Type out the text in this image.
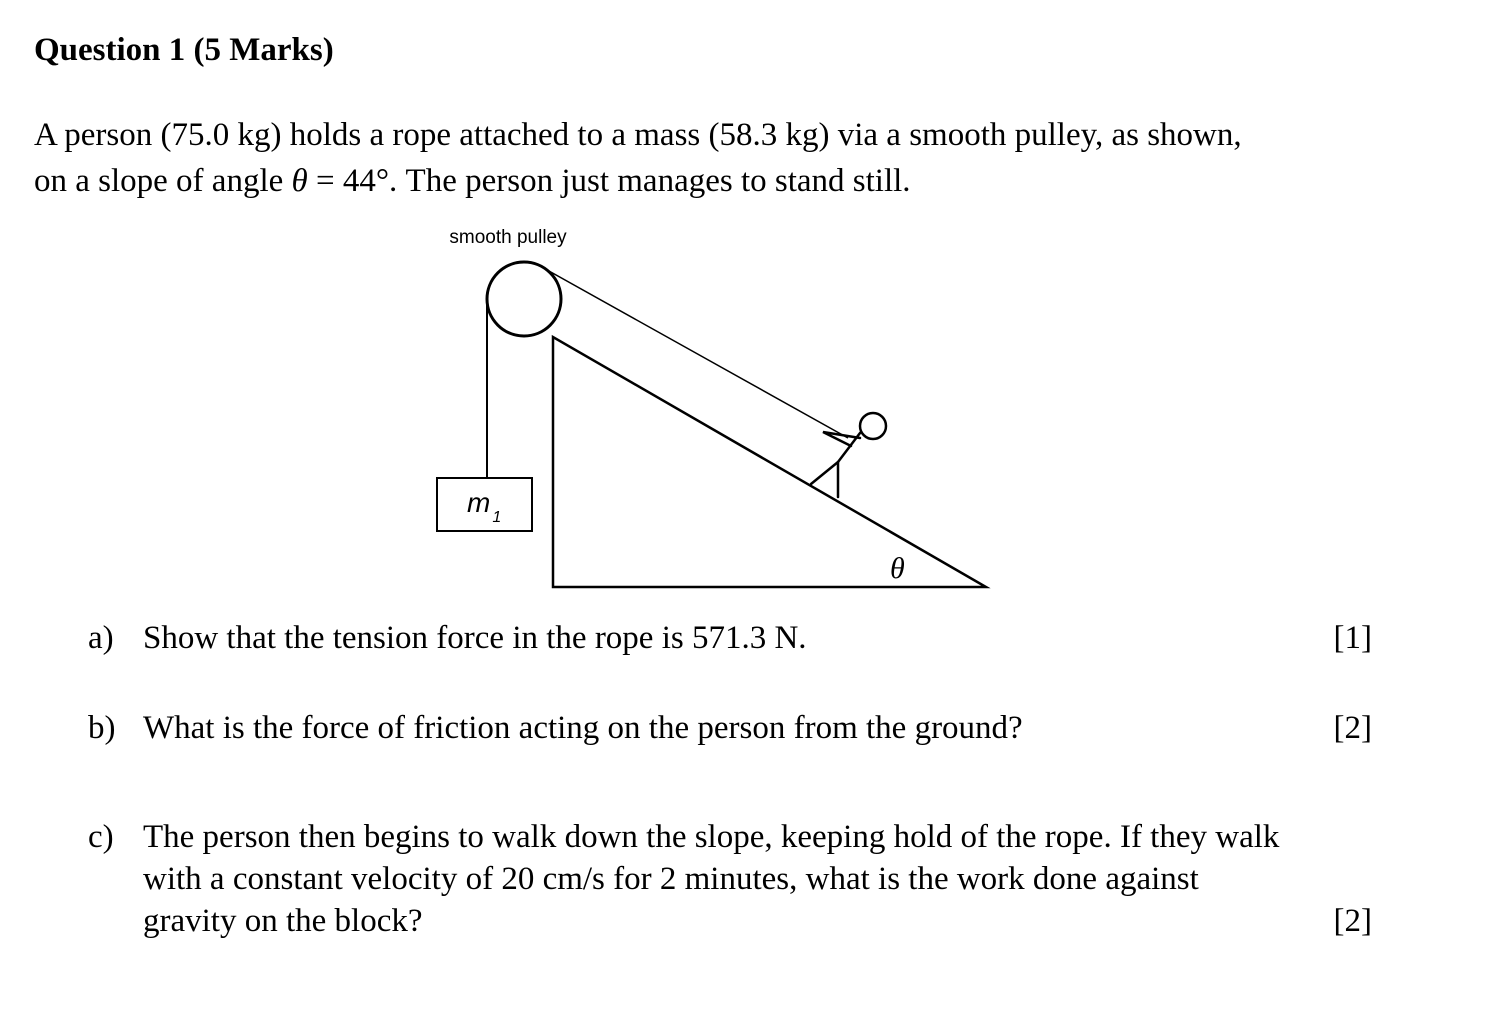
Question 1 (5 Marks)

A person (75.0 kg) holds a rope attached to a mass (58.3 kg) via a smooth pulley, as shown,
on a slope of angle θ = 44°. The person just manages to stand still.

smooth pulley
m $_1$
θ
a) Show that the tension force in the rope is 571.3 N.	[1]
b) What is the force of friction acting on the person from the ground?	[2]
c) The person then begins to walk down the slope, keeping hold of the rope. If they walk
with a constant velocity of 20 cm/s for 2 minutes, what is the work done against
gravity on the block?	[2]
